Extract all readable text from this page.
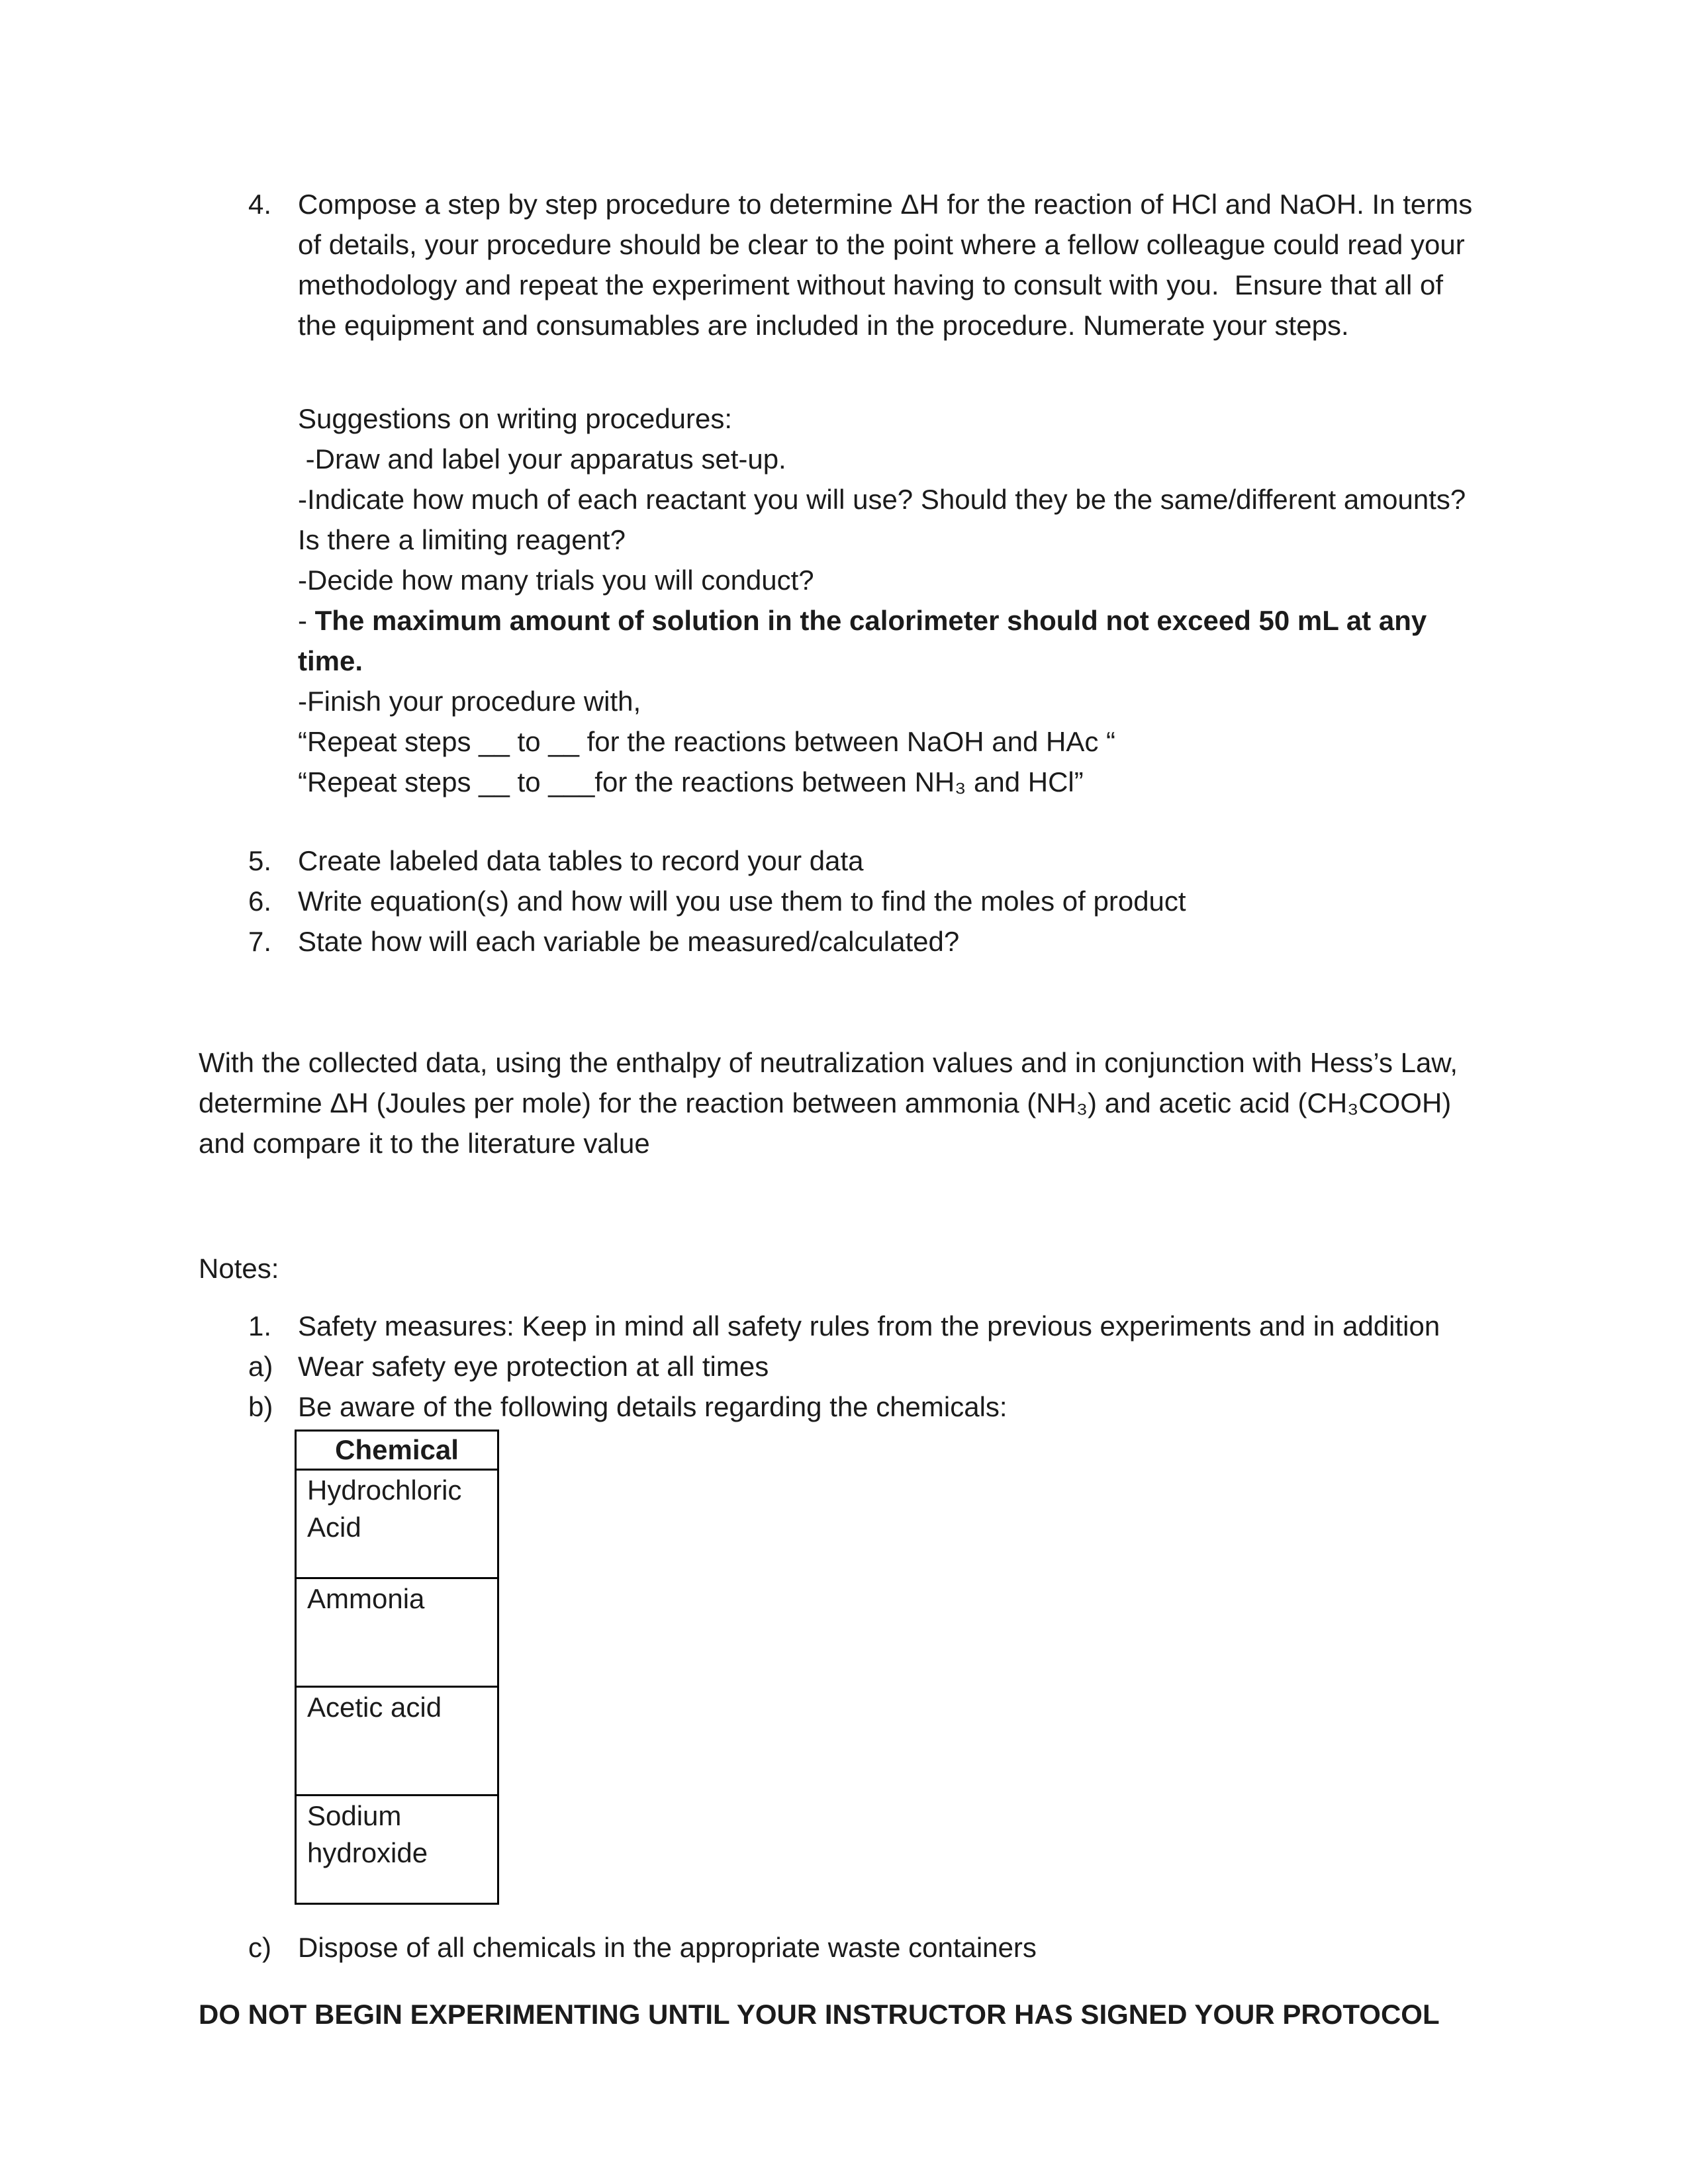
4. Compose a step by step procedure to determine ΔH for the reaction of HCl and NaOH. In terms of details, your procedure should be clear to the point where a fellow colleague could read your methodology and repeat the experiment without having to consult with you.  Ensure that all of the equipment and consumables are included in the procedure. Numerate your steps.

Suggestions on writing procedures:

-Draw and label your apparatus set-up.

-Indicate how much of each reactant you will use? Should they be the same/different amounts? Is there a limiting reagent?

-Decide how many trials you will conduct?

- The maximum amount of solution in the calorimeter should not exceed 50 mL at any time.

-Finish your procedure with,

“Repeat steps __ to __ for the reactions between NaOH and HAc “

“Repeat steps __ to ___for the reactions between NH₃ and HCl”

5. Create labeled data tables to record your data

6. Write equation(s) and how will you use them to find the moles of product

7. State how will each variable be measured/calculated?

With the collected data, using the enthalpy of neutralization values and in conjunction with Hess’s Law, determine ΔH (Joules per mole) for the reaction between ammonia (NH₃) and acetic acid (CH₃COOH) and compare it to the literature value

Notes:

1. Safety measures: Keep in mind all safety rules from the previous experiments and in addition

a) Wear safety eye protection at all times

b) Be aware of the following details regarding the chemicals:

Chemical
Hydrochloric Acid
Ammonia
Acetic acid
Sodium hydroxide
c) Dispose of all chemicals in the appropriate waste containers

DO NOT BEGIN EXPERIMENTING UNTIL YOUR INSTRUCTOR HAS SIGNED YOUR PROTOCOL
